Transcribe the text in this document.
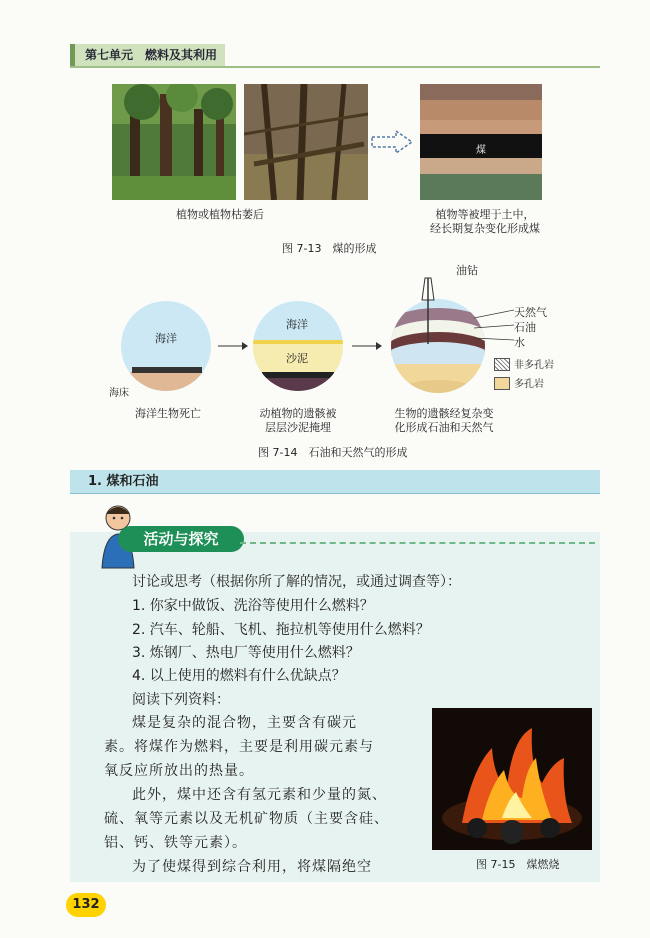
第七单元　燃料及其利用
煤
植物或植物枯萎后	植物等被埋于土中，
经长期复杂变化形成煤
图 7-13　煤的形成
海洋
海床
海洋生物死亡
海洋
沙泥
动植物的遗骸被
层层沙泥掩埋
油钻
天然气
石油
水
非多孔岩
多孔岩
生物的遗骸经复杂变
化形成石油和天然气
图 7-14　石油和天然气的形成
1. 煤和石油
活动与探究
讨论或思考（根据你所了解的情况，或通过调查等）：
1. 你家中做饭、洗浴等使用什么燃料？
2. 汽车、轮船、飞机、拖拉机等使用什么燃料？
3. 炼钢厂、热电厂等使用什么燃料？
4. 以上使用的燃料有什么优缺点？
阅读下列资料：
煤是复杂的混合物，主要含有碳元
素。将煤作为燃料，主要是利用碳元素与
氧反应所放出的热量。
此外，煤中还含有氢元素和少量的氮、
硫、氧等元素以及无机矿物质（主要含硅、
铝、钙、铁等元素）。
为了使煤得到综合利用，将煤隔绝空	图 7-15　煤燃烧
132
